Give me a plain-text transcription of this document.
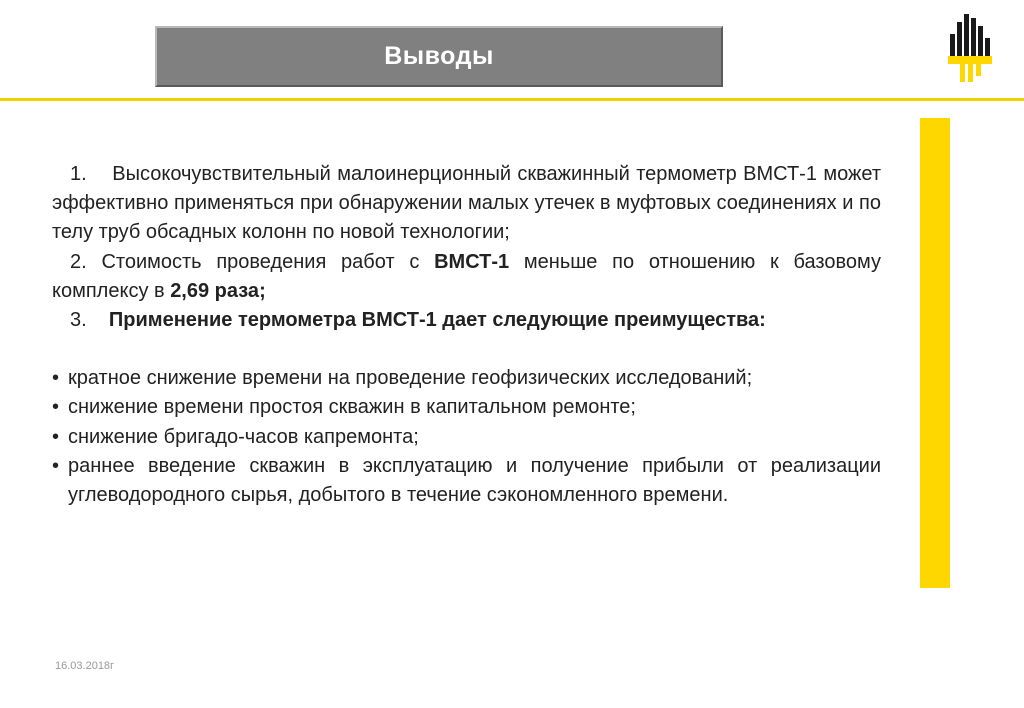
Выводы

1. Высокочувствительный малоинерционный скважинный термометр ВМСТ-1 может эффективно применяться при обнаружении малых утечек в муфтовых соединениях и по телу труб обсадных колонн по новой технологии;

2. Стоимость проведения работ с ВМСТ-1 меньше по отношению к базовому комплексу в 2,69 раза;

3. Применение термометра ВМСТ-1 дает следующие преимущества:

• кратное снижение времени на проведение геофизических исследований;
• снижение времени простоя скважин в капитальном ремонте;
• снижение бригадо-часов капремонта;
• раннее введение скважин в эксплуатацию и получение прибыли от реализации углеводородного сырья, добытого в течение сэкономленного времени.
16.03.2018г
